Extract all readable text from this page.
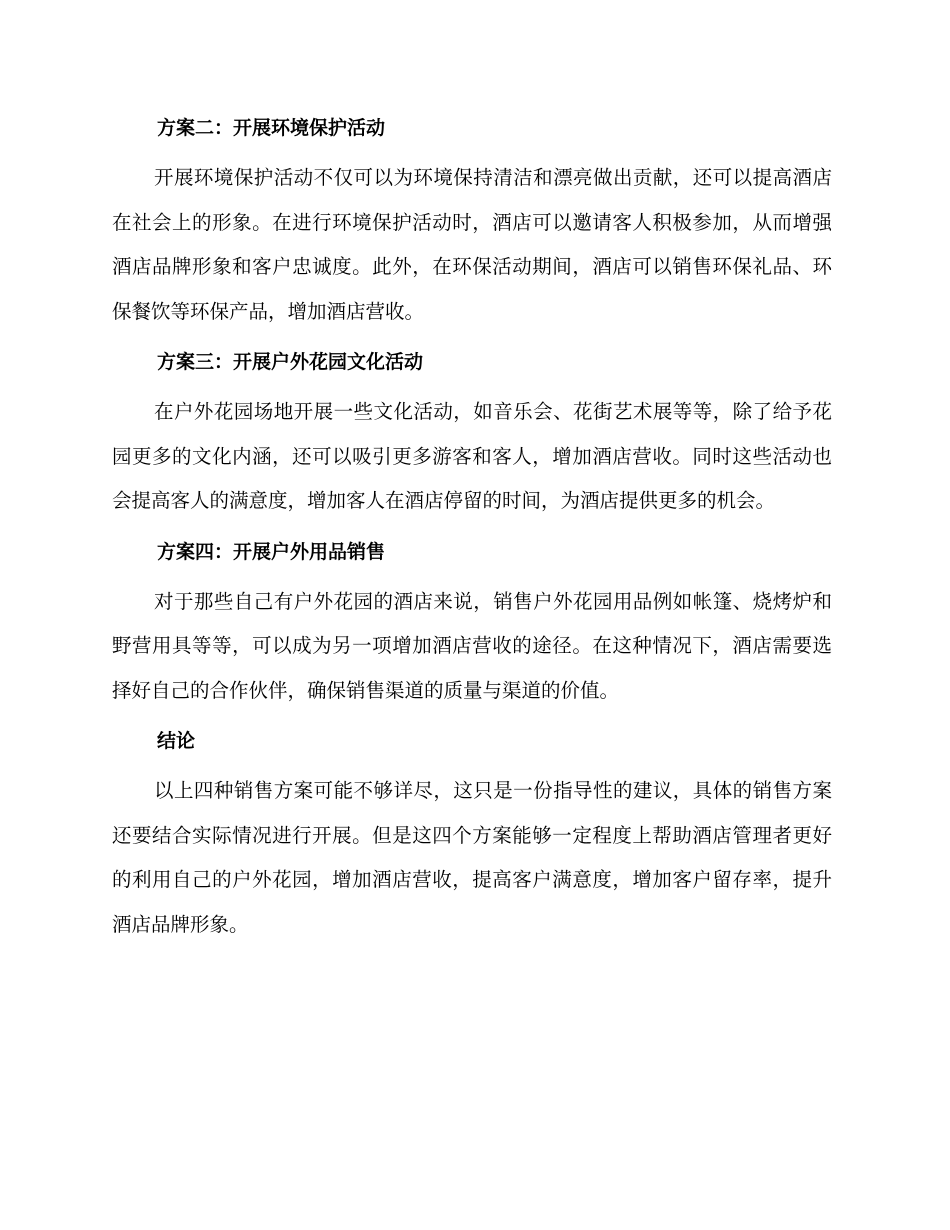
方案二：开展环境保护活动

开展环境保护活动不仅可以为环境保持清洁和漂亮做出贡献，还可以提高酒店在社会上的形象。在进行环境保护活动时，酒店可以邀请客人积极参加，从而增强酒店品牌形象和客户忠诚度。此外，在环保活动期间，酒店可以销售环保礼品、环保餐饮等环保产品，增加酒店营收。

方案三：开展户外花园文化活动

在户外花园场地开展一些文化活动，如音乐会、花街艺术展等等，除了给予花园更多的文化内涵，还可以吸引更多游客和客人，增加酒店营收。同时这些活动也会提高客人的满意度，增加客人在酒店停留的时间，为酒店提供更多的机会。

方案四：开展户外用品销售

对于那些自己有户外花园的酒店来说，销售户外花园用品例如帐篷、烧烤炉和野营用具等等，可以成为另一项增加酒店营收的途径。在这种情况下，酒店需要选择好自己的合作伙伴，确保销售渠道的质量与渠道的价值。

结论

以上四种销售方案可能不够详尽，这只是一份指导性的建议，具体的销售方案还要结合实际情况进行开展。但是这四个方案能够一定程度上帮助酒店管理者更好的利用自己的户外花园，增加酒店营收，提高客户满意度，增加客户留存率，提升酒店品牌形象。
